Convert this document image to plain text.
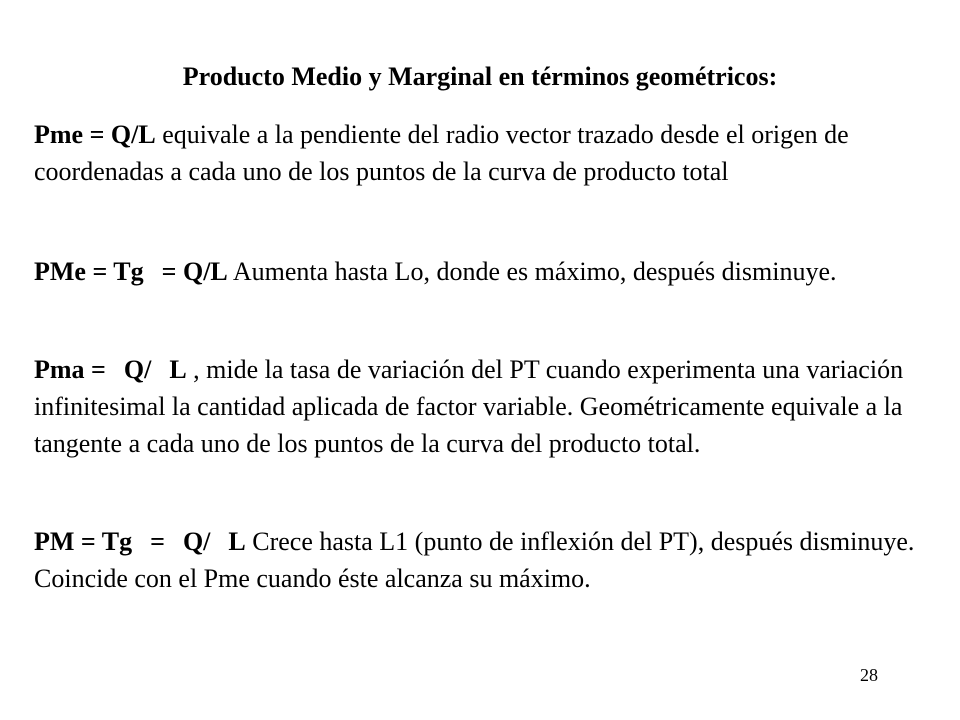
Producto Medio y Marginal en términos geométricos:

Pme = Q/L equivale a la pendiente del radio vector trazado desde el origen de coordenadas a cada uno de los puntos de la curva de producto total

PMe = Tg = Q/L Aumenta hasta Lo, donde es máximo, después disminuye.

Pma = Q/ L , mide la tasa de variación del PT cuando experimenta una variación infinitesimal la cantidad aplicada de factor variable. Geométricamente equivale a la tangente a cada uno de los puntos de la curva del producto total.

PM = Tg = Q/ L Crece hasta L1 (punto de inflexión del PT), después disminuye. Coincide con el Pme cuando éste alcanza su máximo.

28
